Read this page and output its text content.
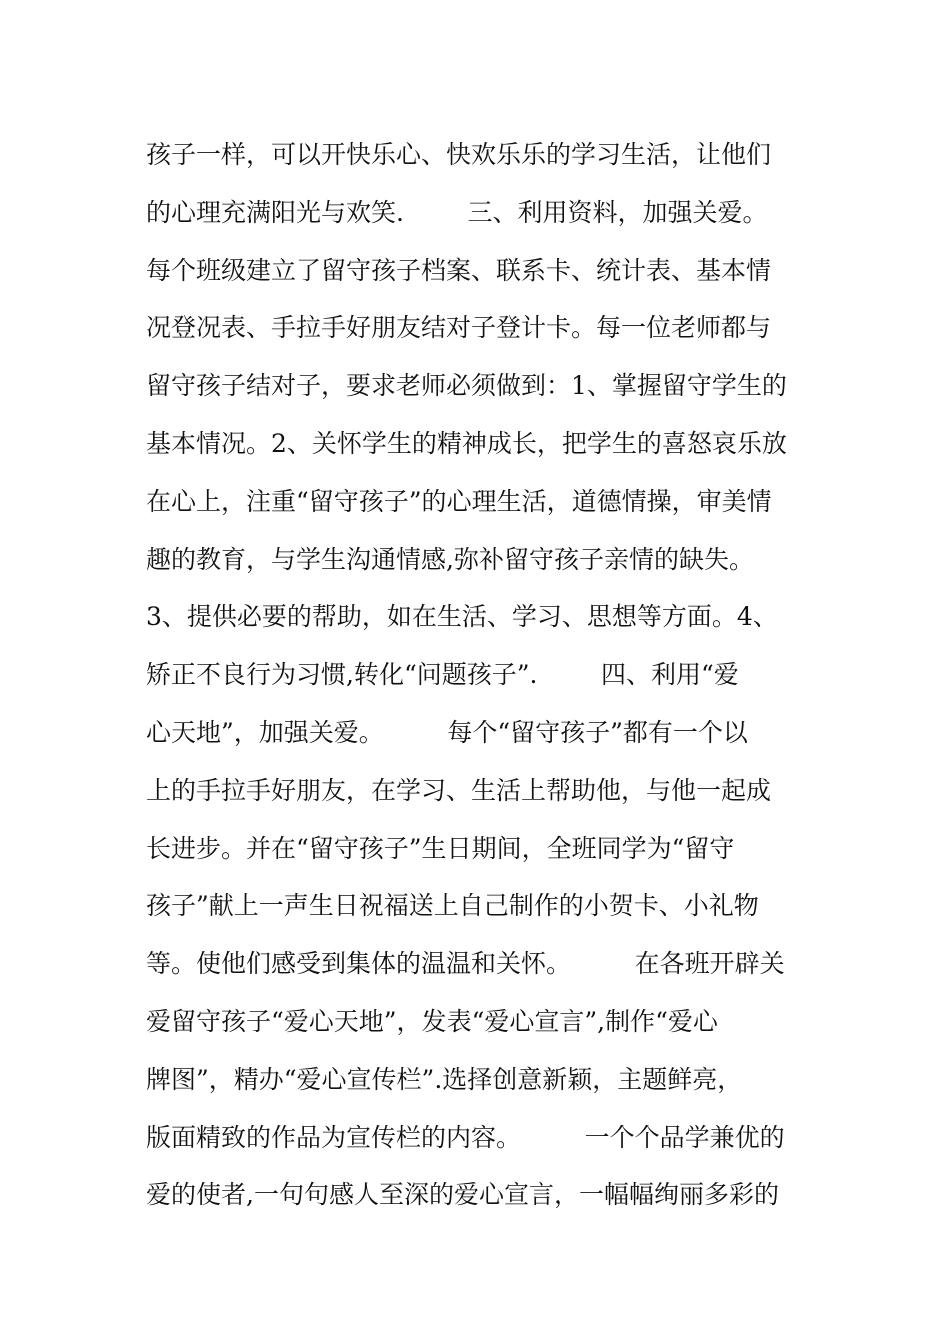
孩子一样，可以开快乐心、快欢乐乐的学习生活，让他们
的心理充满阳光与欢笑.        三、利用资料，加强关爱。
每个班级建立了留守孩子档案、联系卡、统计表、基本情
况登况表、手拉手好朋友结对子登计卡。每一位老师都与
留守孩子结对子，要求老师必须做到：1、掌握留守学生的
基本情况。2、关怀学生的精神成长，把学生的喜怒哀乐放
在心上，注重“留守孩子”的心理生活，道德情操，审美情
趣的教育，与学生沟通情感,弥补留守孩子亲情的缺失。
3、提供必要的帮助，如在生活、学习、思想等方面。4、
矫正不良行为习惯,转化“问题孩子”.        四、利用“爱
心天地”，加强关爱。        每个“留守孩子”都有一个以
上的手拉手好朋友，在学习、生活上帮助他，与他一起成
长进步。并在“留守孩子”生日期间，全班同学为“留守
孩子”献上一声生日祝福送上自己制作的小贺卡、小礼物
等。使他们感受到集体的温温和关怀。        在各班开辟关
爱留守孩子“爱心天地”，发表“爱心宣言”,制作“爱心
牌图”，精办“爱心宣传栏”.选择创意新颖，主题鲜亮，
版面精致的作品为宣传栏的内容。        一个个品学兼优的
爱的使者,一句句感人至深的爱心宣言，一幅幅绚丽多彩的
